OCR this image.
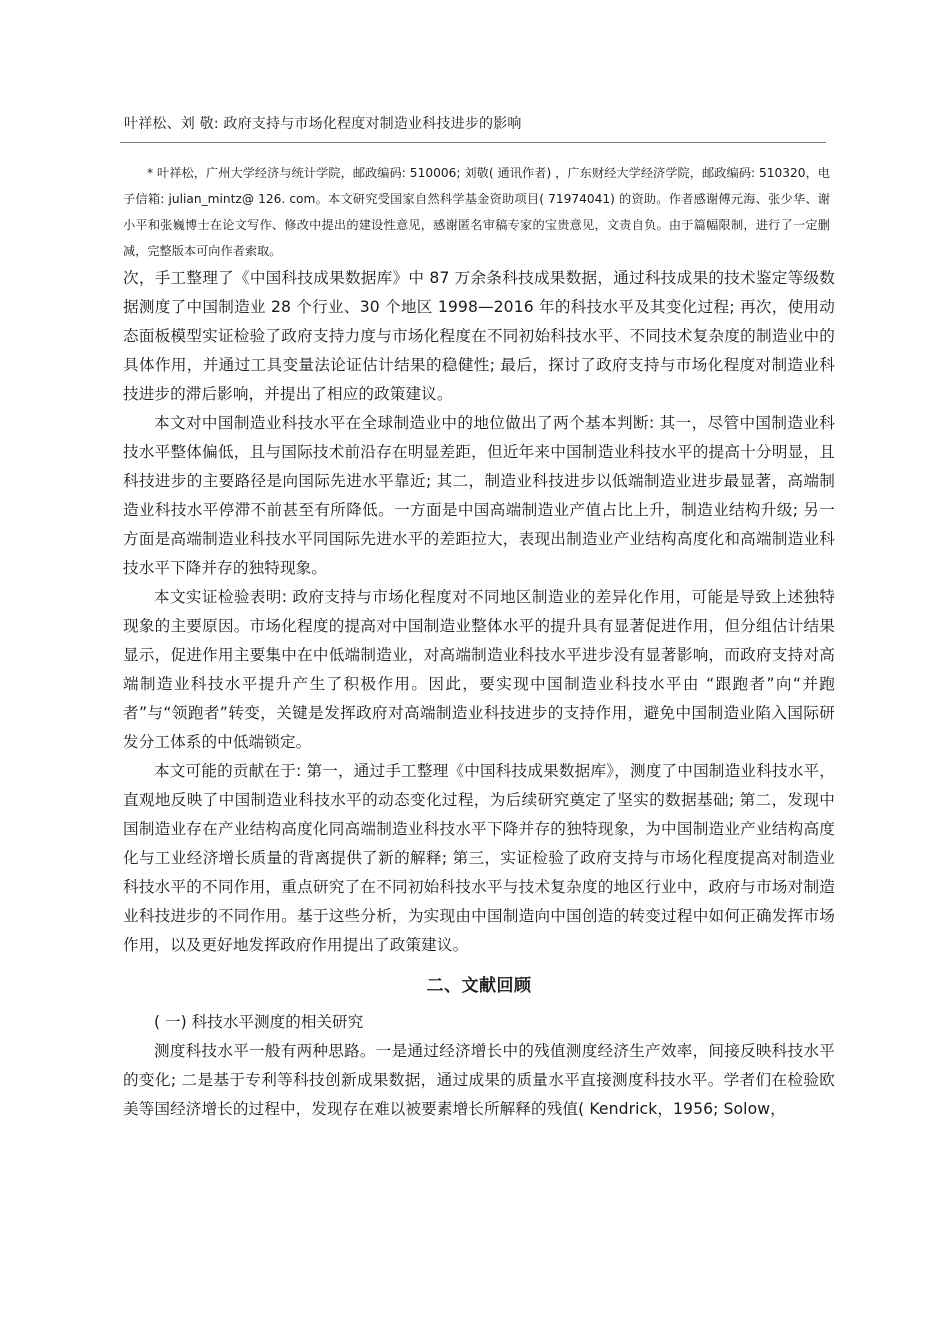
叶祥松、刘 敬: 政府支持与市场化程度对制造业科技进步的影响
* 叶祥松，广州大学经济与统计学院，邮政编码: 510006; 刘敬( 通讯作者) ，广东财经大学经济学院，邮政编码: 510320，电子信箱: julian_mintz@ 126. com。本文研究受国家自然科学基金资助项目( 71974041) 的资助。作者感谢傅元海、张少华、谢小平和张巍博士在论文写作、修改中提出的建设性意见，感谢匿名审稿专家的宝贵意见，文责自负。由于篇幅限制，进行了一定删减，完整版本可向作者索取。

次，手工整理了《中国科技成果数据库》中 87 万余条科技成果数据，通过科技成果的技术鉴定等级数据测度了中国制造业 28 个行业、30 个地区 1998—2016 年的科技水平及其变化过程; 再次，使用动态面板模型实证检验了政府支持力度与市场化程度在不同初始科技水平、不同技术复杂度的制造业中的具体作用，并通过工具变量法论证估计结果的稳健性; 最后，探讨了政府支持与市场化程度对制造业科技进步的滞后影响，并提出了相应的政策建议。

本文对中国制造业科技水平在全球制造业中的地位做出了两个基本判断: 其一，尽管中国制造业科技水平整体偏低，且与国际技术前沿存在明显差距，但近年来中国制造业科技水平的提高十分明显，且科技进步的主要路径是向国际先进水平靠近; 其二，制造业科技进步以低端制造业进步最显著，高端制造业科技水平停滞不前甚至有所降低。一方面是中国高端制造业产值占比上升，制造业结构升级; 另一方面是高端制造业科技水平同国际先进水平的差距拉大，表现出制造业产业结构高度化和高端制造业科技水平下降并存的独特现象。

本文实证检验表明: 政府支持与市场化程度对不同地区制造业的差异化作用，可能是导致上述独特现象的主要原因。市场化程度的提高对中国制造业整体水平的提升具有显著促进作用，但分组估计结果显示，促进作用主要集中在中低端制造业，对高端制造业科技水平进步没有显著影响，而政府支持对高端制造业科技水平提升产生了积极作用。因此，要实现中国制造业科技水平由 “跟跑者”向“并跑者”与“领跑者”转变，关键是发挥政府对高端制造业科技进步的支持作用，避免中国制造业陷入国际研发分工体系的中低端锁定。

本文可能的贡献在于: 第一，通过手工整理《中国科技成果数据库》，测度了中国制造业科技水平，直观地反映了中国制造业科技水平的动态变化过程，为后续研究奠定了坚实的数据基础; 第二，发现中国制造业存在产业结构高度化同高端制造业科技水平下降并存的独特现象，为中国制造业产业结构高度化与工业经济增长质量的背离提供了新的解释; 第三，实证检验了政府支持与市场化程度提高对制造业科技水平的不同作用，重点研究了在不同初始科技水平与技术复杂度的地区行业中，政府与市场对制造业科技进步的不同作用。基于这些分析，为实现由中国制造向中国创造的转变过程中如何正确发挥市场作用，以及更好地发挥政府作用提出了政策建议。

二、文献回顾

( 一) 科技水平测度的相关研究

测度科技水平一般有两种思路。一是通过经济增长中的残值测度经济生产效率，间接反映科技水平的变化; 二是基于专利等科技创新成果数据，通过成果的质量水平直接测度科技水平。学者们在检验欧美等国经济增长的过程中，发现存在难以被要素增长所解释的残值( Kendrick，1956; Solow，
